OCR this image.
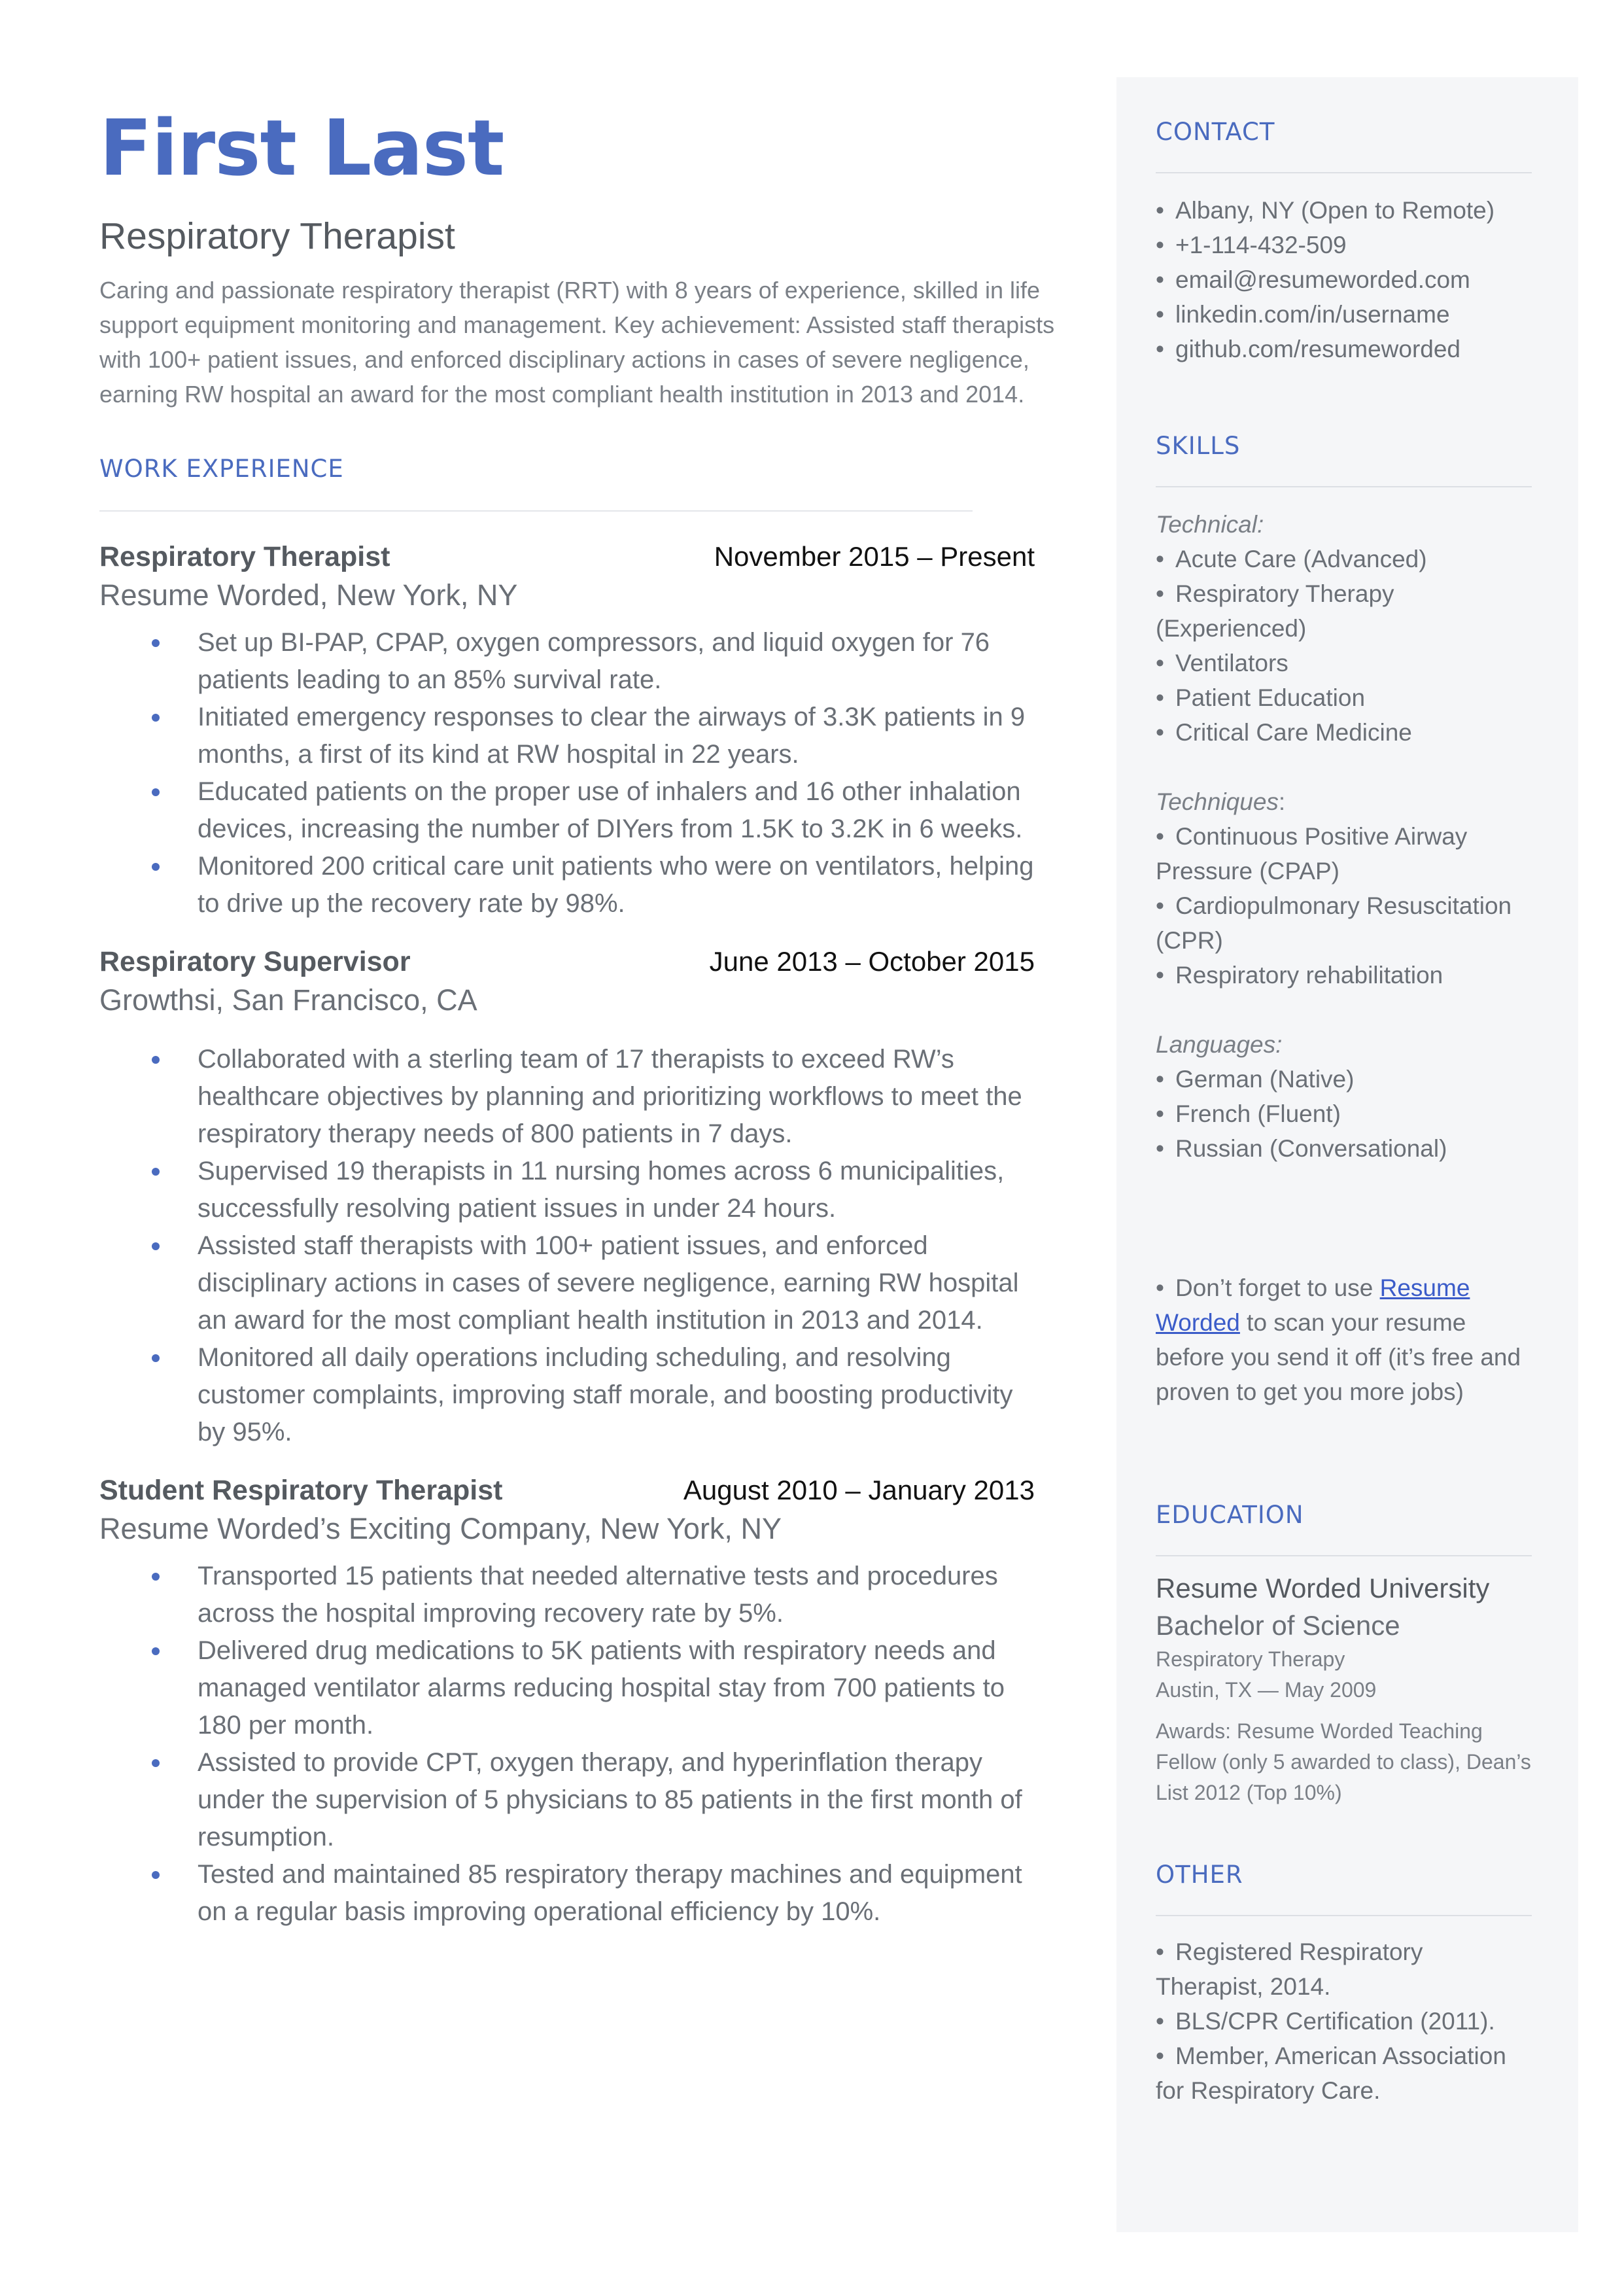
First Last
Respiratory Therapist
Caring and passionate respiratory therapist (RRT) with 8 years of experience, skilled in life support equipment monitoring and management. Key achievement: Assisted staff therapists with 100+ patient issues, and enforced disciplinary actions in cases of severe negligence, earning RW hospital an award for the most compliant health institution in 2013 and 2014.
WORK EXPERIENCE
Respiratory Therapist	November 2015 – Present
Resume Worded, New York, NY
Set up BI-PAP, CPAP, oxygen compressors, and liquid oxygen for 76 patients leading to an 85% survival rate.
Initiated emergency responses to clear the airways of 3.3K patients in 9 months, a first of its kind at RW hospital in 22 years.
Educated patients on the proper use of inhalers and 16 other inhalation devices, increasing the number of DIYers from 1.5K to 3.2K in 6 weeks.
Monitored 200 critical care unit patients who were on ventilators, helping to drive up the recovery rate by 98%.
Respiratory Supervisor	June 2013 – October 2015
Growthsi, San Francisco, CA
Collaborated with a sterling team of 17 therapists to exceed RW’s healthcare objectives by planning and prioritizing workflows to meet the respiratory therapy needs of 800 patients in 7 days.
Supervised 19 therapists in 11 nursing homes across 6 municipalities, successfully resolving patient issues in under 24 hours.
Assisted staff therapists with 100+ patient issues, and enforced disciplinary actions in cases of severe negligence, earning RW hospital an award for the most compliant health institution in 2013 and 2014.
Monitored all daily operations including scheduling, and resolving customer complaints, improving staff morale, and boosting productivity by 95%.
Student Respiratory Therapist	August 2010 – January 2013
Resume Worded’s Exciting Company, New York, NY
Transported 15 patients that needed alternative tests and procedures across the hospital improving recovery rate by 5%.
Delivered drug medications to 5K patients with respiratory needs and managed ventilator alarms reducing hospital stay from 700 patients to 180 per month.
Assisted to provide CPT, oxygen therapy, and hyperinflation therapy under the supervision of 5 physicians to 85 patients in the first month of resumption.
Tested and maintained 85 respiratory therapy machines and equipment on a regular basis improving operational efficiency by 10%.
CONTACT
• Albany, NY (Open to Remote)
• +1-114-432-509
• email@resumeworded.com
• linkedin.com/in/username
• github.com/resumeworded
SKILLS
Technical:
• Acute Care (Advanced)
• Respiratory Therapy (Experienced)
• Ventilators
• Patient Education
• Critical Care Medicine
Techniques:
• Continuous Positive Airway Pressure (CPAP)
• Cardiopulmonary Resuscitation (CPR)
• Respiratory rehabilitation
Languages:
• German (Native)
• French (Fluent)
• Russian (Conversational)
• Don’t forget to use Resume Worded to scan your resume before you send it off (it’s free and proven to get you more jobs)
EDUCATION
Resume Worded University
Bachelor of Science
Respiratory Therapy
Austin, TX — May 2009
Awards: Resume Worded Teaching Fellow (only 5 awarded to class), Dean’s List 2012 (Top 10%)
OTHER
• Registered Respiratory Therapist, 2014.
• BLS/CPR Certification (2011).
• Member, American Association for Respiratory Care.
